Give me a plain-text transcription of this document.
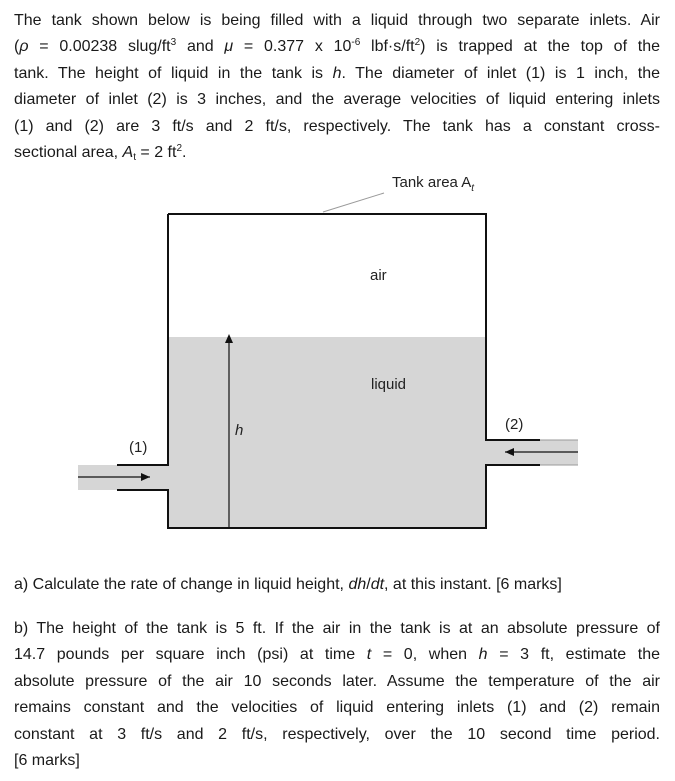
The tank shown below is being filled with a liquid through two separate inlets. Air
(ρ = 0.00238 slug/$ft^3$ and μ = 0.377 x $10^{-6}$ $lbf\cdot s/ft^2$) is trapped at the top of the
tank. The height of liquid in the tank is h. The diameter of inlet (1) is 1 inch, the
diameter of inlet (2) is 3 inches, and the average velocities of liquid entering inlets
(1) and (2) are 3 ft/s and 2 ft/s, respectively. The tank has a constant cross-
sectional area, $A_t = 2$ $ft^2$.
Tank area $A_t$
air
liquid
h
(1)
(2)
a) Calculate the rate of change in liquid height, dh/dt, at this instant. [6 marks]
b) The height of the tank is 5 ft. If the air in the tank is at an absolute pressure of
14.7 pounds per square inch (psi) at time t = 0, when h = 3 ft, estimate the
absolute pressure of the air 10 seconds later. Assume the temperature of the air
remains constant and the velocities of liquid entering inlets (1) and (2) remain
constant at 3 ft/s and 2 ft/s, respectively, over the 10 second time period.
[6 marks]
